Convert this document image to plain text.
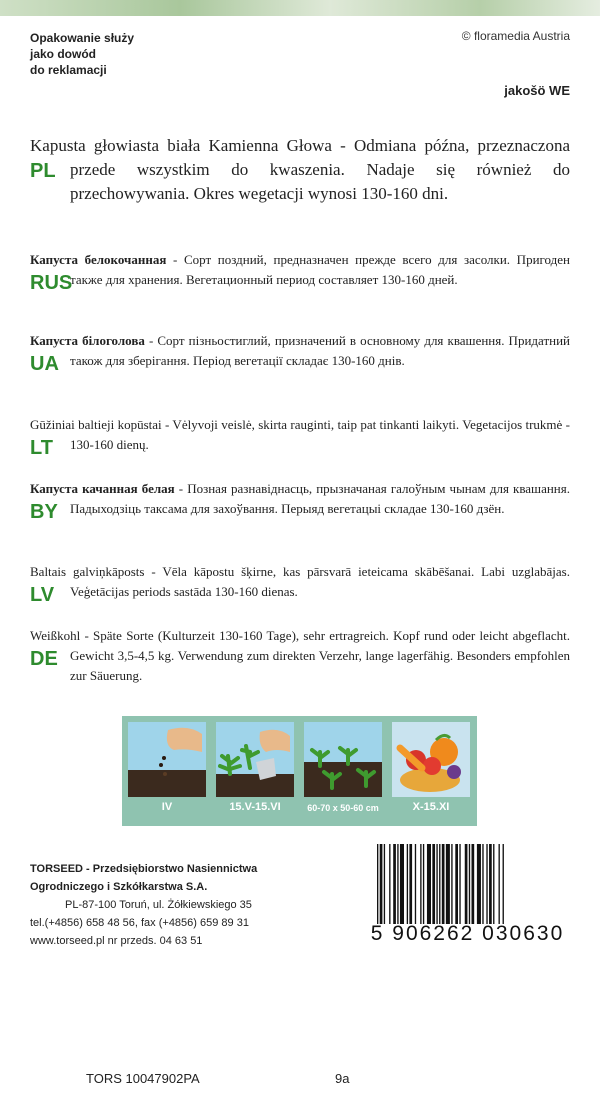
Opakowanie służy
jako dowód
do reklamacji
© floramedia Austria
jakošö WE
PL
Kapusta głowiasta biała Kamienna Głowa - Odmiana późna, przeznaczona przede wszystkim do kwaszenia. Nadaje się również do przechowywania. Okres wegetacji wynosi 130-160 dni.
RUS
Капуста белокочанная - Сорт поздний, предназначен прежде всего для засолки. Пригоден также для хранения. Вегетационный период составляет 130-160 дней.
UA
Капуста білоголова - Сорт пізньостиглий, призначений в основному для квашення. Придатний також для зберігання. Період вегетації складає 130-160 днів.
LT
Gūžiniai baltieji kopūstai - Vėlyvoji veislė, skirta rauginti, taip pat tinkanti laikyti. Vegetacijos trukmė - 130-160 dienų.
BY
Капуста качанная белая - Позная разнавіднасць, прызначаная галоўным чынам для квашання. Падыходзіць таксама для захоўвання. Перыяд вегетацыі складае 130-160 дзён.
LV
Baltais galviņkāposts - Vēla kāpostu šķirne, kas pārsvarā ieteicama skābēšanai. Labi uzglabājas. Veģetācijas periods sastāda 130-160 dienas.
DE
Weißkohl - Späte Sorte (Kulturzeit 130-160 Tage), sehr ertragreich. Kopf rund oder leicht abgeflacht. Gewicht 3,5-4,5 kg. Verwendung zum direkten Verzehr, lange lagerfähig. Besonders empfohlen zur Säuerung.
IV	15.V-15.VI	60-70 x 50-60 cm	X-15.XI
TORSEED - Przedsiębiorstwo Nasiennictwa
Ogrodniczego i Szkółkarstwa S.A.
PL-87-100 Toruń, ul. Żółkiewskiego 35
tel.(+4856) 658 48 56, fax (+4856) 659 89 31
www.torseed.pl nr przeds. 04 63 51	5 906262 030630
TORS 10047902PA	9a
